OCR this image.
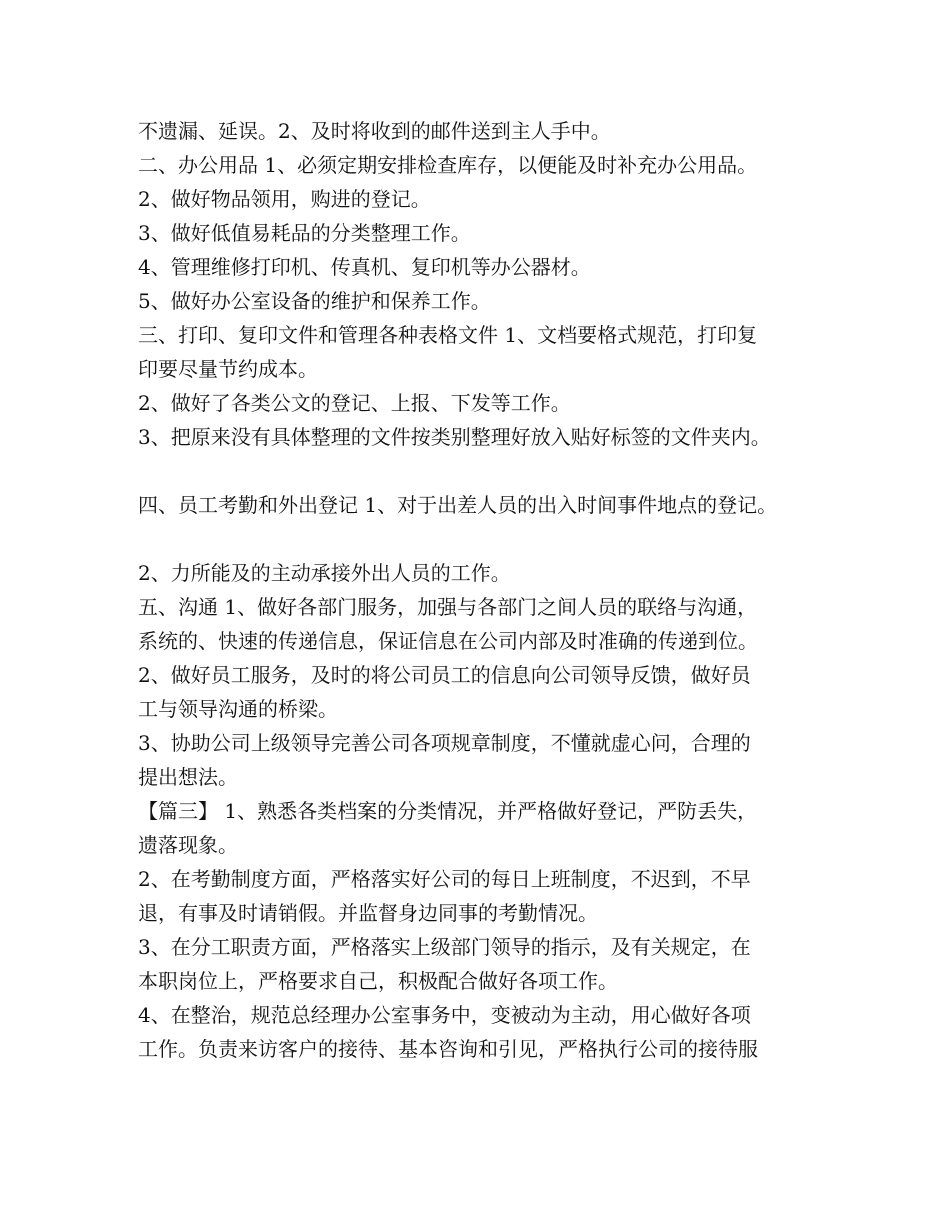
不遗漏、延误。2、及时将收到的邮件送到主人手中。
二、办公用品 1、必须定期安排检查库存，以便能及时补充办公用品。
2、做好物品领用，购进的登记。
3、做好低值易耗品的分类整理工作。
4、管理维修打印机、传真机、复印机等办公器材。
5、做好办公室设备的维护和保养工作。
三、打印、复印文件和管理各种表格文件 1、文档要格式规范，打印复
印要尽量节约成本。
2、做好了各类公文的登记、上报、下发等工作。
3、把原来没有具体整理的文件按类别整理好放入贴好标签的文件夹内。
四、员工考勤和外出登记 1、对于出差人员的出入时间事件地点的登记。
2、力所能及的主动承接外出人员的工作。
五、沟通 1、做好各部门服务，加强与各部门之间人员的联络与沟通，
系统的、快速的传递信息，保证信息在公司内部及时准确的传递到位。
2、做好员工服务，及时的将公司员工的信息向公司领导反馈，做好员
工与领导沟通的桥梁。
3、协助公司上级领导完善公司各项规章制度，不懂就虚心问，合理的
提出想法。
【篇三】 1、熟悉各类档案的分类情况，并严格做好登记，严防丢失，
遗落现象。
2、在考勤制度方面，严格落实好公司的每日上班制度，不迟到，不早
退，有事及时请销假。并监督身边同事的考勤情况。
3、在分工职责方面，严格落实上级部门领导的指示，及有关规定，在
本职岗位上，严格要求自己，积极配合做好各项工作。
4、在整治，规范总经理办公室事务中，变被动为主动，用心做好各项
工作。负责来访客户的接待、基本咨询和引见，严格执行公司的接待服
